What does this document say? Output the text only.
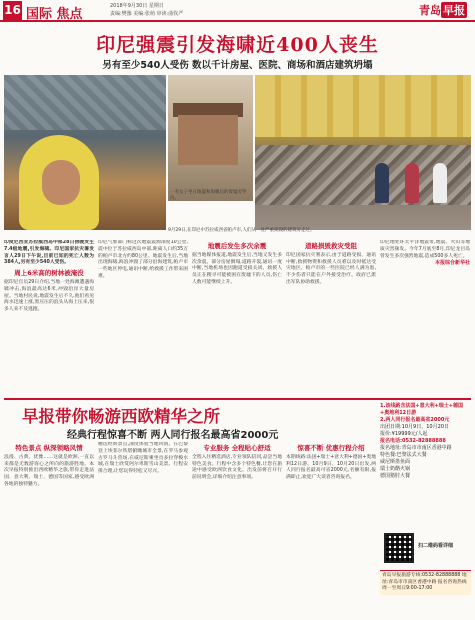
16 国际 焦点
2018年9月30日 星期日
责编:樊豫 美编:张萌 审读:曲钦严	青岛 早报
印尼强震引发海啸近400人丧生
另有至少540人受伤 数以千计房屋、医院、商场和酒店建筑坍塌
一名女子坐在地震和海啸后的废墟旁哭泣。
9月29日,在印尼中苏拉威西省帕卢市,人们从一处严重损毁的建筑旁走过。
印度尼西亚苏拉威西岛中部28日傍晚发生7.4级地震,引发海啸。印尼国家抗灾署发言人29日下午说,目前已知的死亡人数为384人,另有至少540人受伤。
周上6米高的树林被淹没
据印尼官员29日介绍,当地一处海滩遭遇海啸冲击,海浪最高达6米,冲毁沿岸大量房屋。当地村民说,地震发生后不久,他们看见海水迅速上涨,黑压压的浪头从海上压来,很多人来不及逃跑。
印尼气象部门称这次地震震源深度10公里,震中位于苏拉威西岛中部,距离人口约35万的帕卢市北方约80公里。地震发生后,当地出现海啸,海浪冲毁了部分沿海建筑,帕卢市一些地区停电,通讯中断,给救援工作带来困难。
地震后发生多次余震
据当地媒体报道,地震发生后,当地又发生多次余震。部分房屋倒塌,道路开裂,通讯一度中断,当地机场也因跑道受损关闭。救援人员正在搜寻可能被困在废墟下的人员,伤亡人数可能继续上升。
道路损毁救灾受阻
印尼国家抗灾署表示,由于道路受损、通讯中断,救援物资和救援人员难以及时抵达受灾地区。帕卢市的一些医院已经人满为患,不少伤者只能在户外接受治疗。政府已派出军队协助救援。
印尼地处环太平洋地震带,地震、火山等地质灾害频发。今年7月底至8月,印尼龙目岛曾发生多次强烈地震,造成500多人死亡。
本报综合新华社
早报带你畅游西欧精华之所
经典行程惊喜不断 两人同行报名最高省2000元
特色景点 纵深领略风情
浪漫、古典、优雅……这就是欧洲,一直以来都是无数游客心之所向的旅游胜地。本次早报特别推出西欧精华之旅,带你走进法国、意大利、瑞士、德国等国家,感受欧洲各地的独特魅力。
精选经典景点,深度体验当地风情。在巴黎登上埃菲尔铁塔俯瞰城市全景,在罗马参观古罗马斗兽场,在威尼斯乘坐贡多拉穿梭水城,在瑞士欣赏阿尔卑斯雪山美景。行程安排合理,让您玩得轻松又尽兴。
专业服务 全程贴心舒适
全程入住精选酒店,专业领队陪同,品尝当地特色美食。行程中含多个特色餐,让您在旅途中感受欧洲饮食文化。出发前将召开行前说明会,详细介绍注意事项。
惊喜不断 优惠行程介绍
本期线路:法国+瑞士+意大利+德国+奥地利12日游。10月9日、10月20日出发,两人同行报名最高可省2000元,名额有限,报满即止,欢迎广大读者咨询报名。
1.该线路含法国+意大利+瑞士+德国+奥地利12日游
2.两人同行报名最高省2000元
出团日期:10月9日、10月20日
报价:¥19999元/人起
报名电话:0532-82888888
报名地址:青岛市市南区香港中路
特色餐:巴黎法式大餐
威尼斯墨鱼面
瑞士奶酪火锅
德国猪肘大餐
扫二维码看详细
青岛早报旅游专线:0532-82888888 地址:青岛市市南区香港中路 报名咨询热线 周一至周日9:00-17:00
